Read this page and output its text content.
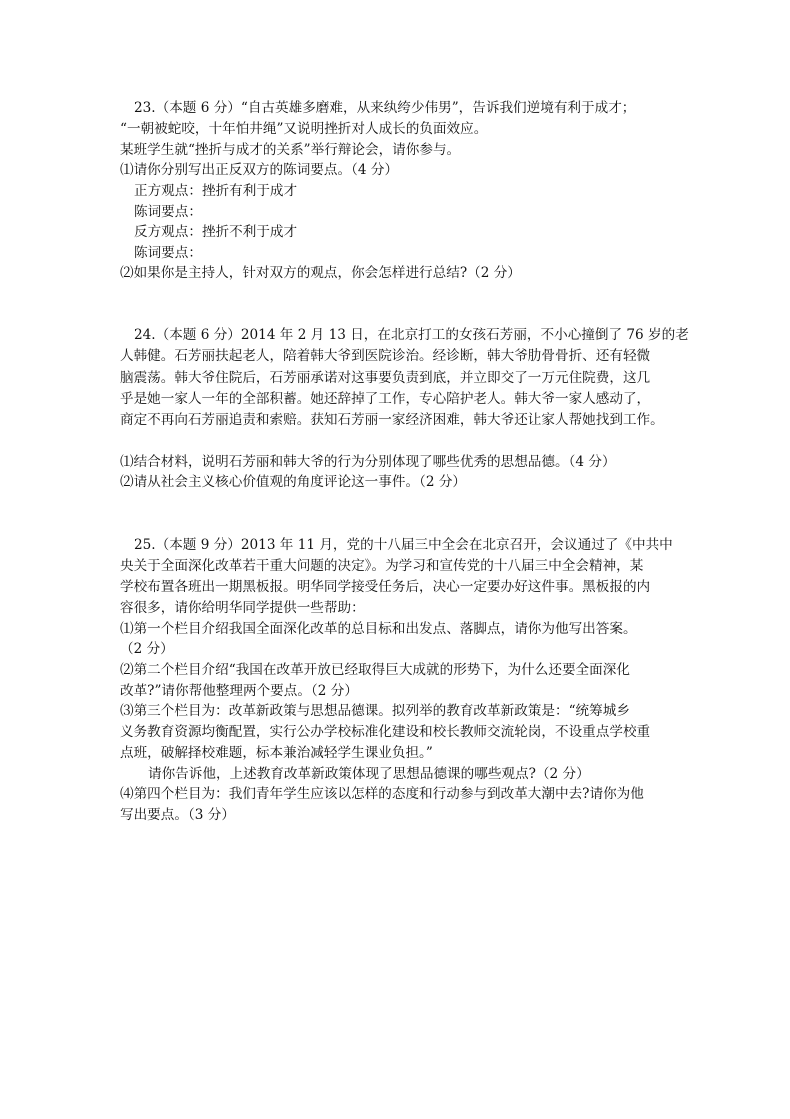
23.（本题 6 分）“自古英雄多磨难，从来纨绔少伟男”，告诉我们逆境有利于成才；
“一朝被蛇咬，十年怕井绳”又说明挫折对人成长的负面效应。
某班学生就“挫折与成才的关系”举行辩论会，请你参与。
⑴请你分别写出正反双方的陈词要点。（4 分）
正方观点：挫折有利于成才
陈词要点：
反方观点：挫折不利于成才
陈词要点：
⑵如果你是主持人，针对双方的观点，你会怎样进行总结?（2 分）
24.（本题 6 分）2014 年 2 月 13 日，在北京打工的女孩石芳丽，不小心撞倒了 76 岁的老
人韩健。石芳丽扶起老人，陪着韩大爷到医院诊治。经诊断，韩大爷肋骨骨折、还有轻微
脑震荡。韩大爷住院后，石芳丽承诺对这事要负责到底，并立即交了一万元住院费，这几
乎是她一家人一年的全部积蓄。她还辞掉了工作，专心陪护老人。韩大爷一家人感动了，
商定不再向石芳丽追责和索赔。获知石芳丽一家经济困难，韩大爷还让家人帮她找到工作。
⑴结合材料，说明石芳丽和韩大爷的行为分别体现了哪些优秀的思想品德。（4 分）
⑵请从社会主义核心价值观的角度评论这一事件。（2 分）
25.（本题 9 分）2013 年 11 月，党的十八届三中全会在北京召开，会议通过了《中共中
央关于全面深化改革若干重大问题的决定》。为学习和宣传党的十八届三中全会精神，某
学校布置各班出一期黑板报。明华同学接受任务后，决心一定要办好这件事。黑板报的内
容很多，请你给明华同学提供一些帮助：
⑴第一个栏目介绍我国全面深化改革的总目标和出发点、落脚点，请你为他写出答案。
（2 分）
⑵第二个栏目介绍“我国在改革开放已经取得巨大成就的形势下，为什么还要全面深化
改革?”请你帮他整理两个要点。（2 分）
⑶第三个栏目为：改革新政策与思想品德课。拟列举的教育改革新政策是：“统筹城乡
义务教育资源均衡配置，实行公办学校标准化建设和校长教师交流轮岗，不设重点学校重
点班，破解择校难题，标本兼治减轻学生课业负担。”
请你告诉他，上述教育改革新政策体现了思想品德课的哪些观点?（2 分）
⑷第四个栏目为：我们青年学生应该以怎样的态度和行动参与到改革大潮中去?请你为他
写出要点。（3 分）
